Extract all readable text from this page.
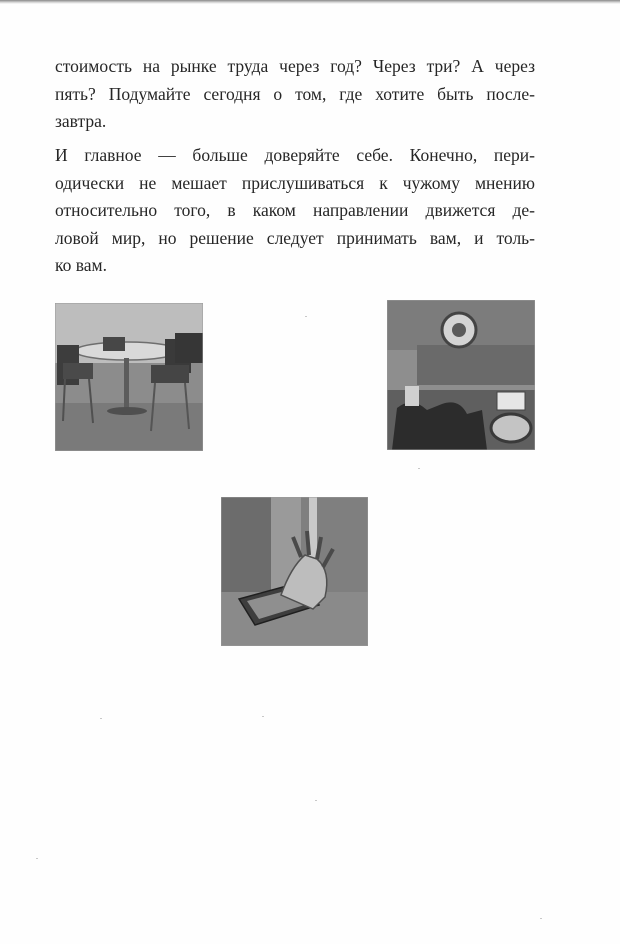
стоимость на рынке труда через год? Через три? А через
пять? Подумайте сегодня о том, где хотите быть после-
завтра.

И главное — больше доверяйте себе. Конечно, пери-
одически не мешает прислушиваться к чужому мнению
относительно того, в каком направлении движется де-
ловой мир, но решение следует принимать вам, и толь-
ко вам.
